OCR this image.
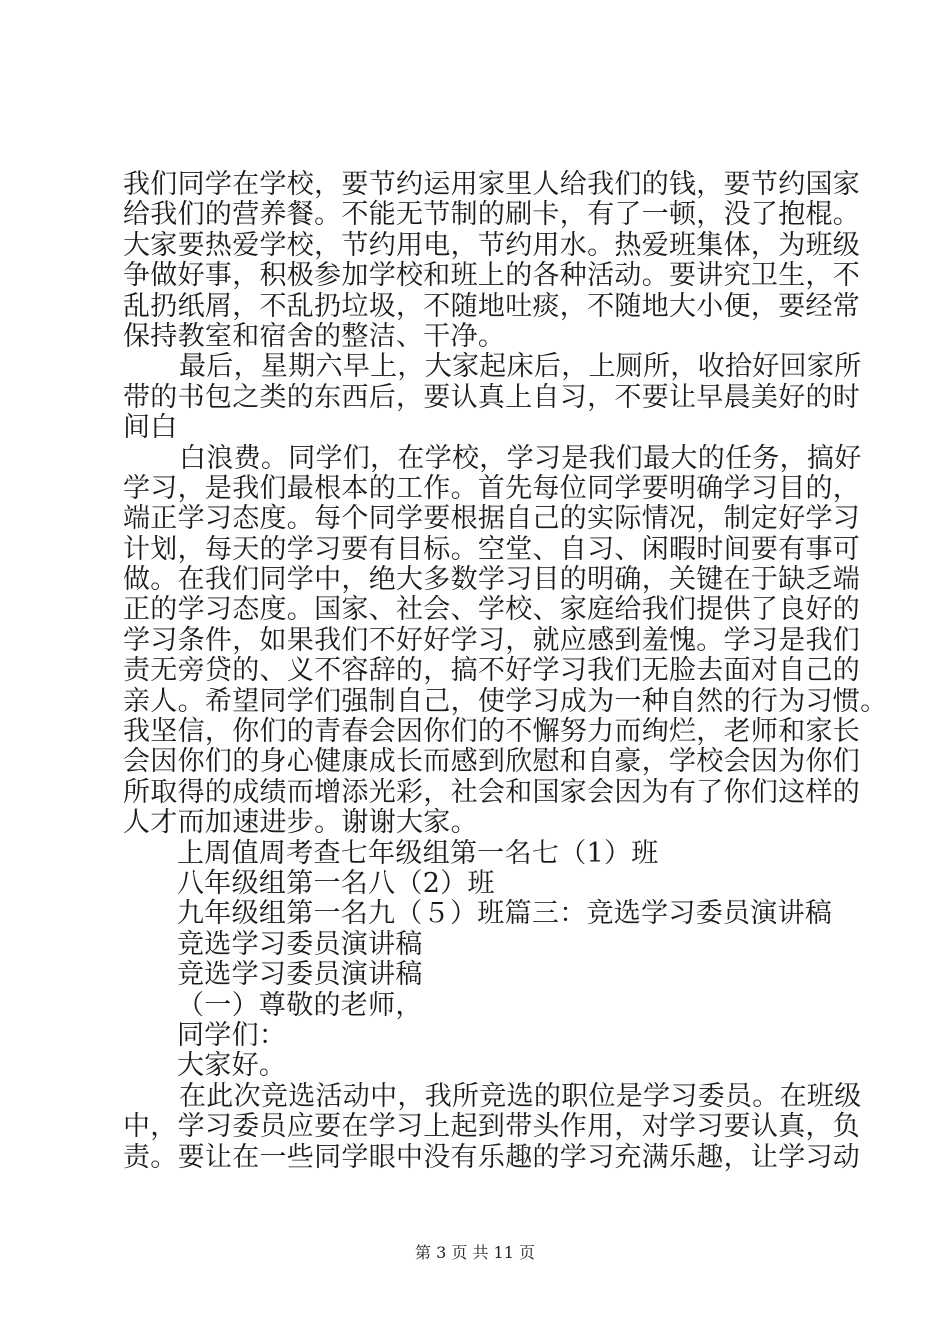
我们同学在学校，要节约运用家里人给我们的钱，要节约国家
给我们的营养餐。不能无节制的刷卡，有了一顿，没了抱棍。
大家要热爱学校，节约用电，节约用水。热爱班集体，为班级
争做好事，积极参加学校和班上的各种活动。要讲究卫生，不
乱扔纸屑，不乱扔垃圾，不随地吐痰，不随地大小便，要经常
保持教室和宿舍的整洁、干净。
最后，星期六早上，大家起床后，上厕所，收拾好回家所
带的书包之类的东西后，要认真上自习，不要让早晨美好的时
间白
白浪费。同学们，在学校，学习是我们最大的任务，搞好
学习，是我们最根本的工作。首先每位同学要明确学习目的，
端正学习态度。每个同学要根据自己的实际情况，制定好学习
计划，每天的学习要有目标。空堂、自习、闲暇时间要有事可
做。在我们同学中，绝大多数学习目的明确，关键在于缺乏端
正的学习态度。国家、社会、学校、家庭给我们提供了良好的
学习条件，如果我们不好好学习，就应感到羞愧。学习是我们
责无旁贷的、义不容辞的，搞不好学习我们无脸去面对自己的
亲人。希望同学们强制自己，使学习成为一种自然的行为习惯。
我坚信，你们的青春会因你们的不懈努力而绚烂，老师和家长
会因你们的身心健康成长而感到欣慰和自豪，学校会因为你们
所取得的成绩而增添光彩，社会和国家会因为有了你们这样的
人才而加速进步。谢谢大家。
上周值周考查七年级组第一名七（1）班
八年级组第一名八（2）班
九年级组第一名九（５）班篇三：竞选学习委员演讲稿
竞选学习委员演讲稿
竞选学习委员演讲稿
（一）尊敬的老师，
同学们：
大家好。
在此次竞选活动中，我所竞选的职位是学习委员。在班级
中，学习委员应要在学习上起到带头作用，对学习要认真，负
责。要让在一些同学眼中没有乐趣的学习充满乐趣，让学习动
第 3 页 共 11 页
